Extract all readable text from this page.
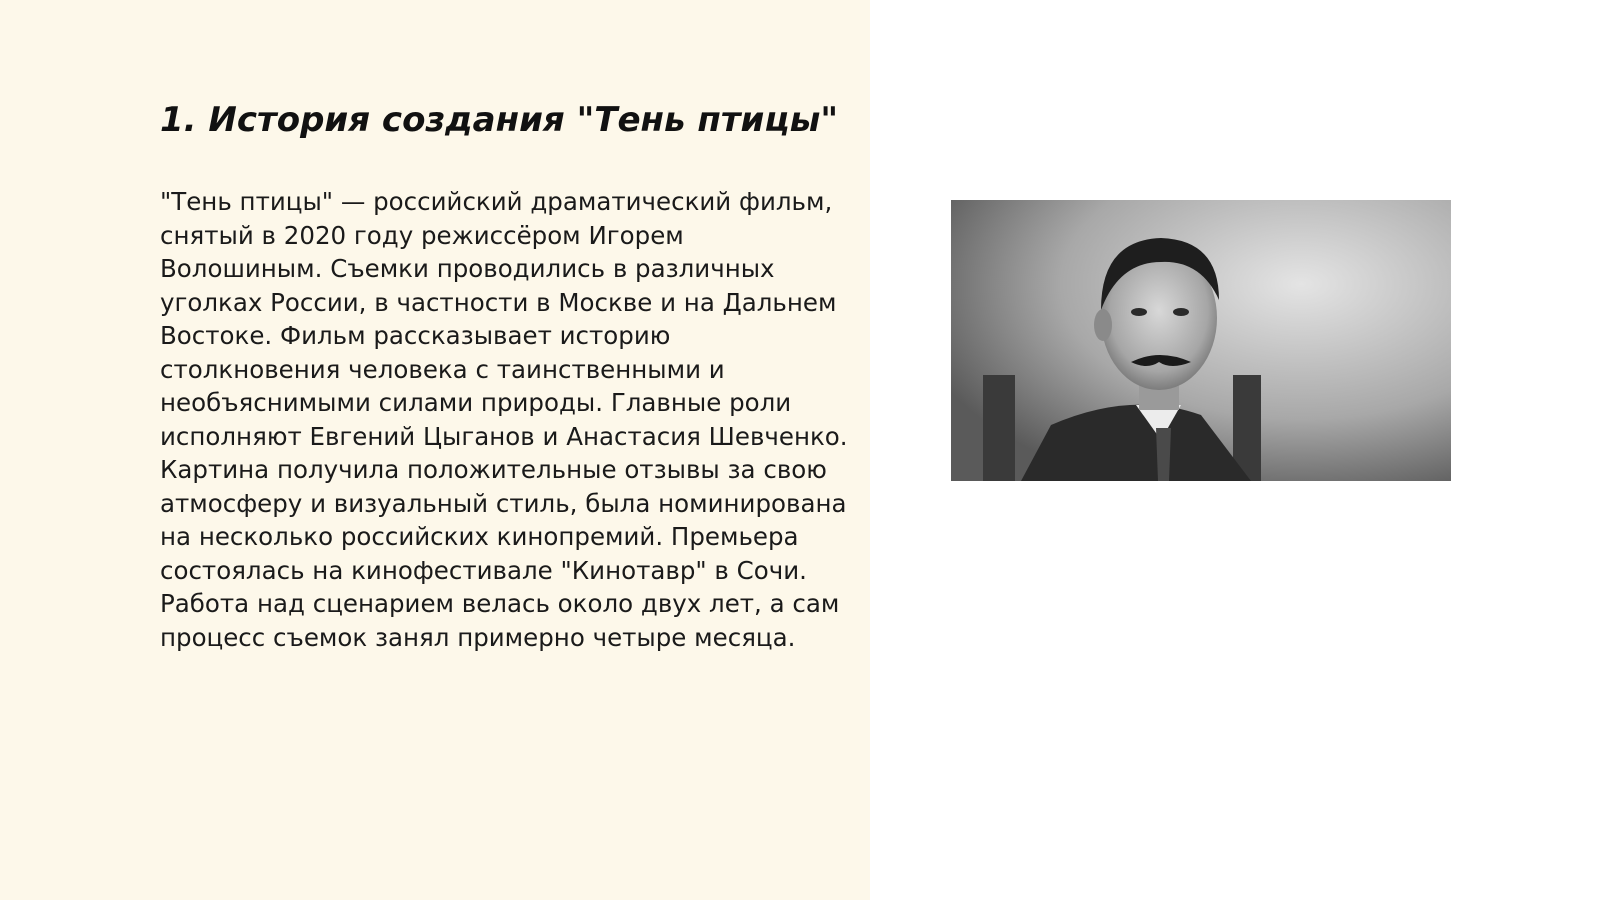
1. История создания "Тень птицы"

"Тень птицы" — российский драматический фильм, снятый в 2020 году режиссёром Игорем Волошиным. Съемки проводились в различных уголках России, в частности в Москве и на Дальнем Востоке. Фильм рассказывает историю столкновения человека с таинственными и необъяснимыми силами природы. Главные роли исполняют Евгений Цыганов и Анастасия Шевченко. Картина получила положительные отзывы за свою атмосферу и визуальный стиль, была номинирована на несколько российских кинопремий. Премьера состоялась на кинофестивале "Кинотавр" в Сочи. Работа над сценарием велась около двух лет, а сам процесс съемок занял примерно четыре месяца.
